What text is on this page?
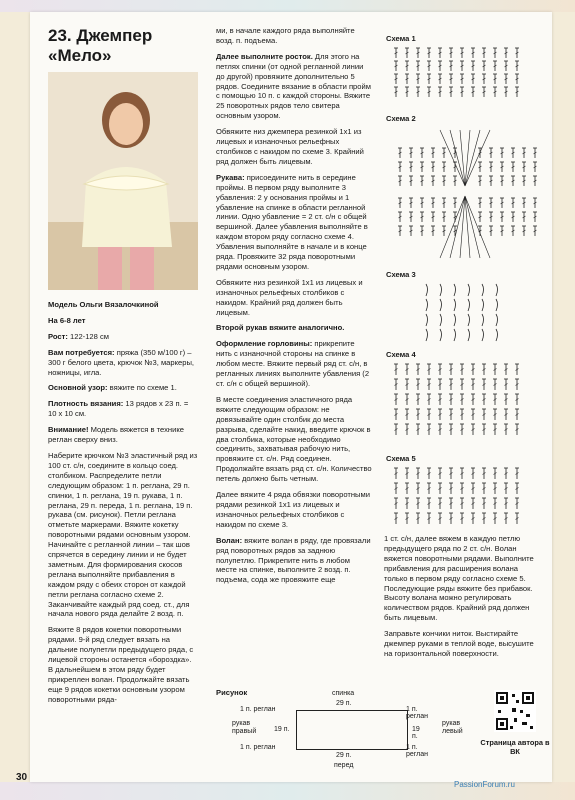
23. Джемпер
«Мело»

Модель Ольги Вязалочкиной

На 6-8 лет

Рост: 122-128 см

Вам потребуется: пряжа (350 м/100 г) – 300 г белого цвета, крючок №3, маркеры, ножницы, игла.

Основной узор: вяжите по схеме 1.

Плотность вязания: 13 рядов x 23 п. = 10 x 10 см.

Внимание! Модель вяжется в технике реглан сверху вниз.

Наберите крючком №3 эластичный ряд из 100 ст. с/н, соедините в кольцо соед. столбиком. Распределите петли следующим образом: 1 п. реглана, 29 п. спинки, 1 п. реглана, 19 п. рукава, 1 п. реглана, 29 п. переда, 1 п. реглана, 19 п. рукава (см. рисунок). Петли реглана отметьте маркерами. Вяжите кокетку поворотными рядами основным узором. Начинайте с регланной линии – так шов спрячется в середину линии и не будет заметным. Для формирования скосов реглана выполняйте прибавления в каждом ряду с обеих сторон от каждой петли реглана согласно схеме 2. Заканчивайте каждый ряд соед. ст., для начала нового ряда делайте 2 возд. п.

Вяжите 8 рядов кокетки поворотными рядами. 9-й ряд следует вязать на дальние полупетли предыдущего ряда, с лицевой стороны останется «бороздка». В дальнейшем в этом ряду будет прикреплен волан. Продолжайте вязать еще 9 рядов кокетки основным узором поворотными ряда-

ми, в начале каждого ряда выполняйте возд. п. подъема.

Далее выполните росток. Для этого на петлях спинки (от одной регланной линии до другой) провяжите дополнительно 5 рядов. Соедините вязание в области пройм с помощью 10 п. с каждой стороны. Вяжите 25 поворотных рядов тело свитера основным узором.

Обвяжите низ джемпера резинкой 1x1 из лицевых и изнаночных рельефных столбиков с накидом по схеме 3. Крайний ряд должен быть лицевым.

Рукава: присоедините нить в середине проймы. В первом ряду выполните 3 убавления: 2 у основания проймы и 1 убавление на спинке в области регланной линии. Одно убавление = 2 ст. с/н с общей вершиной. Далее убавления выполняйте в каждом втором ряду согласно схеме 4. Убавления выполняйте в начале и в конце ряда. Провяжите 32 ряда поворотными рядами основным узором.

Обвяжите низ резинкой 1x1 из лицевых и изнаночных рельефных столбиков с накидом. Крайний ряд должен быть лицевым.

Второй рукав вяжите аналогично.

Оформление горловины: прикрепите нить с изнаночной стороны на спинке в любом месте. Вяжите первый ряд ст. с/н, в регланных линиях выполните убавления (2 ст. с/н с общей вершиной).

В месте соединения эластичного ряда вяжите следующим образом: не довязывайте один столбик до места разрыва, сделайте накид, введите крючок в два столбика, которые необходимо соединить, захватывая рабочую нить, провяжите ст. с/н. Ряд соединен. Продолжайте вязать ряд ст. с/н. Количество петель должно быть четным.

Далее вяжите 4 ряда обвязки поворотными рядами резинкой 1x1 из лицевых и изнаночных рельефных столбиков с накидом по схеме 3.

Волан: вяжите волан в ряду, где провязали ряд поворотных рядов за заднюю полупетлю. Прикрепите нить в любом месте на спинке, выполните 2 возд. п. подъема, сода же провяжите еще

1 ст. с/н, далее вяжем в каждую петлю предыдущего ряда по 2 ст. с/н. Волан вяжется поворотными рядами. Выполните прибавления для расширения волана только в первом ряду согласно схеме 5. Последующие ряды вяжите без прибавок. Высоту волана можно регулировать количеством рядов. Крайний ряд должен быть лицевым.

Заправьте кончики ниток. Выстирайте джемпер руками в теплой воде, высушите на горизонтальной поверхности.

Схема 1
Схема 2
Схема 3
Схема 4
Схема 5
Рисунок	спинка
29 п.
1 п. реглан	1 п. реглан
рукав правый	19 п.	19 п.
рукав левый
1 п. реглан	1 п. реглан
29 п.
перед
Страница автора в ВК
30
PassionForum.ru
